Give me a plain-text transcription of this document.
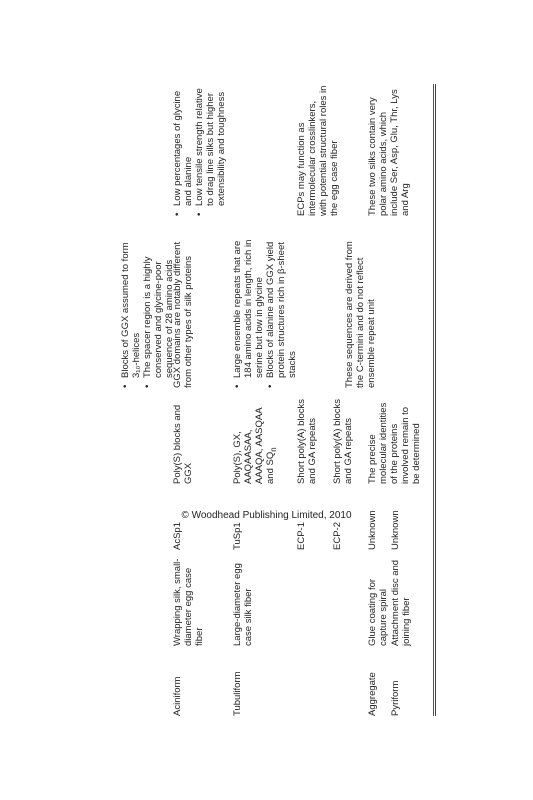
• Blocks of GGX assumed to form 3₁₀-helices • The spacer region is a highly conserved and glycine-poor sequence of 28 amino acids
Aciniform
Wrapping silk, small-diameter egg case fiber
AcSp1
Poly(S) blocks and GGX
GGX domains are notably different from other types of silk proteins
• Low percentages of glycine and alanine • Low tensile strength relative to drag line silks but higher extensibility and toughness
Tubuliform
Large-diameter egg case silk fiber
TuSp1
Poly(S), GX, AAQAASAA, AAAQA, AASQAA and $SQ_n$
• Large ensemble repeats that are 184 amino acids in length, rich in serine but low in glycine • Blocks of alanine and GGX yield protein structures rich in β-sheet stacks
ECP-1
Short poly(A) blocks and GA repeats
These sequences are derived from the C-termini and do not reflect ensemble repeat unit
ECPs may function as intermolecular crosslinkers, with potential structural roles in the egg case fiber
ECP-2
Short poly(A) blocks and GA repeats
Aggregate
Glue coating for capture spiral
Unknown
The precise molecular identities of the proteins involved remain to be determined
These two silks contain very polar amino acids, which include Ser, Asp, Glu, Thr, Lys and Arg
Pyriform
Attachment disc and joining fiber
Unknown
© Woodhead Publishing Limited, 2010
